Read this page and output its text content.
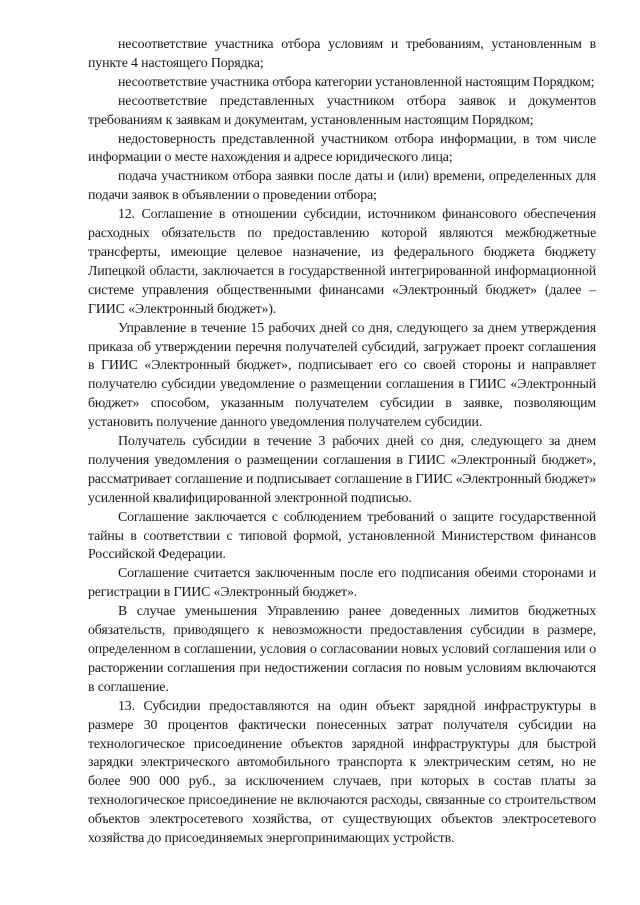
несоответствие участника отбора условиям и требованиям, установленным в пункте 4 настоящего Порядка;

несоответствие участника отбора категории установленной настоящим Порядком;

несоответствие представленных участником отбора заявок и документов требованиям к заявкам и документам, установленным настоящим Порядком;

недостоверность представленной участником отбора информации, в том числе информации о месте нахождения и адресе юридического лица;

подача участником отбора заявки после даты и (или) времени, определенных для подачи заявок в объявлении о проведении отбора;

12. Соглашение в отношении субсидии, источником финансового обеспечения расходных обязательств по предоставлению которой являются межбюджетные трансферты, имеющие целевое назначение, из федерального бюджета бюджету Липецкой области, заключается в государственной интегрированной информационной системе управления общественными финансами «Электронный бюджет» (далее – ГИИС «Электронный бюджет»).

Управление в течение 15 рабочих дней со дня, следующего за днем утверждения приказа об утверждении перечня получателей субсидий, загружает проект соглашения в ГИИС «Электронный бюджет», подписывает его со своей стороны и направляет получателю субсидии уведомление о размещении соглашения в ГИИС «Электронный бюджет» способом, указанным получателем субсидии в заявке, позволяющим установить получение данного уведомления получателем субсидии.

Получатель субсидии в течение 3 рабочих дней со дня, следующего за днем получения уведомления о размещении соглашения в ГИИС «Электронный бюджет», рассматривает соглашение и подписывает соглашение в ГИИС «Электронный бюджет» усиленной квалифицированной электронной подписью.

Соглашение заключается с соблюдением требований о защите государственной тайны в соответствии с типовой формой, установленной Министерством финансов Российской Федерации.

Соглашение считается заключенным после его подписания обеими сторонами и регистрации в ГИИС «Электронный бюджет».

В случае уменьшения Управлению ранее доведенных лимитов бюджетных обязательств, приводящего к невозможности предоставления субсидии в размере, определенном в соглашении, условия о согласовании новых условий соглашения или о расторжении соглашения при недостижении согласия по новым условиям включаются в соглашение.

13. Субсидии предоставляются на один объект зарядной инфраструктуры в размере 30 процентов фактически понесенных затрат получателя субсидии на технологическое присоединение объектов зарядной инфраструктуры для быстрой зарядки электрического автомобильного транспорта к электрическим сетям, но не более 900 000 руб., за исключением случаев, при которых в состав платы за технологическое присоединение не включаются расходы, связанные со строительством объектов электросетевого хозяйства, от существующих объектов электросетевого хозяйства до присоединяемых энергопринимающих устройств.
